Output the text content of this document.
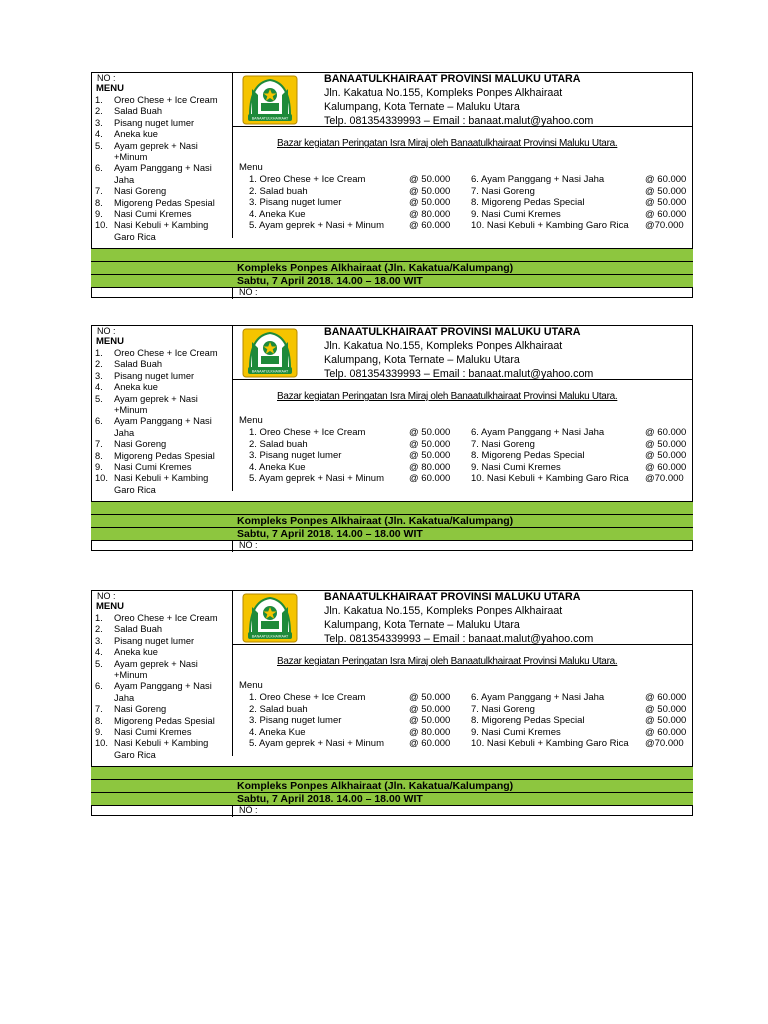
NO :
MENU
1.	Oreo Chese + Ice Cream
2.	Salad Buah
3.	Pisang nuget lumer
4.	Aneka kue
5.	Ayam geprek + Nasi +Minum
6.	Ayam Panggang + Nasi Jaha
7.	Nasi Goreng
8.	Migoreng Pedas Spesial
9.	Nasi Cumi Kremes
10. Nasi Kebuli + Kambing Garo Rica
BANAATULKHAIRAAT
BANAATULKHAIRAAT PROVINSI MALUKU UTARA
Jln. Kakatua No.155, Kompleks Ponpes Alkhairaat
Kalumpang, Kota Ternate – Maluku Utara
Telp. 081354339993 – Email : banaat.malut@yahoo.com
Bazar kegiatan Peringatan Isra Miraj oleh Banaatulkhairaat Provinsi Maluku Utara.
Menu
1. Oreo Chese + Ice Cream	@ 50.000
2. Salad buah	@ 50.000
3. Pisang nuget lumer	@ 50.000
4. Aneka Kue	@ 80.000
5. Ayam geprek + Nasi + Minum	@ 60.000
6. Ayam Panggang + Nasi Jaha	@ 60.000
7. Nasi Goreng	@ 50.000
8. Migoreng Pedas Special	@ 50.000
9. Nasi Cumi Kremes	@ 60.000
10. Nasi Kebuli + Kambing Garo Rica @70.000
Kompleks Ponpes Alkhairaat (Jln. Kakatua/Kalumpang)
Sabtu, 7 April 2018. 14.00 – 18.00 WIT
NO :
NO :
MENU
1.	Oreo Chese + Ice Cream
2.	Salad Buah
3.	Pisang nuget lumer
4.	Aneka kue
5.	Ayam geprek + Nasi +Minum
6.	Ayam Panggang + Nasi Jaha
7.	Nasi Goreng
8.	Migoreng Pedas Spesial
9.	Nasi Cumi Kremes
10. Nasi Kebuli + Kambing Garo Rica
BANAATULKHAIRAAT
BANAATULKHAIRAAT PROVINSI MALUKU UTARA
Jln. Kakatua No.155, Kompleks Ponpes Alkhairaat
Kalumpang, Kota Ternate – Maluku Utara
Telp. 081354339993 – Email : banaat.malut@yahoo.com
Bazar kegiatan Peringatan Isra Miraj oleh Banaatulkhairaat Provinsi Maluku Utara.
Menu
1. Oreo Chese + Ice Cream	@ 50.000
2. Salad buah	@ 50.000
3. Pisang nuget lumer	@ 50.000
4. Aneka Kue	@ 80.000
5. Ayam geprek + Nasi + Minum	@ 60.000
6. Ayam Panggang + Nasi Jaha	@ 60.000
7. Nasi Goreng	@ 50.000
8. Migoreng Pedas Special	@ 50.000
9. Nasi Cumi Kremes	@ 60.000
10. Nasi Kebuli + Kambing Garo Rica @70.000
Kompleks Ponpes Alkhairaat (Jln. Kakatua/Kalumpang)
Sabtu, 7 April 2018. 14.00 – 18.00 WIT
NO :
NO :
MENU
1.	Oreo Chese + Ice Cream
2.	Salad Buah
3.	Pisang nuget lumer
4.	Aneka kue
5.	Ayam geprek + Nasi +Minum
6.	Ayam Panggang + Nasi Jaha
7.	Nasi Goreng
8.	Migoreng Pedas Spesial
9.	Nasi Cumi Kremes
10. Nasi Kebuli + Kambing Garo Rica
BANAATULKHAIRAAT
BANAATULKHAIRAAT PROVINSI MALUKU UTARA
Jln. Kakatua No.155, Kompleks Ponpes Alkhairaat
Kalumpang, Kota Ternate – Maluku Utara
Telp. 081354339993 – Email : banaat.malut@yahoo.com
Bazar kegiatan Peringatan Isra Miraj oleh Banaatulkhairaat Provinsi Maluku Utara.
Menu
1. Oreo Chese + Ice Cream	@ 50.000
2. Salad buah	@ 50.000
3. Pisang nuget lumer	@ 50.000
4. Aneka Kue	@ 80.000
5. Ayam geprek + Nasi + Minum	@ 60.000
6. Ayam Panggang + Nasi Jaha	@ 60.000
7. Nasi Goreng	@ 50.000
8. Migoreng Pedas Special	@ 50.000
9. Nasi Cumi Kremes	@ 60.000
10. Nasi Kebuli + Kambing Garo Rica @70.000
Kompleks Ponpes Alkhairaat (Jln. Kakatua/Kalumpang)
Sabtu, 7 April 2018. 14.00 – 18.00 WIT
NO :
